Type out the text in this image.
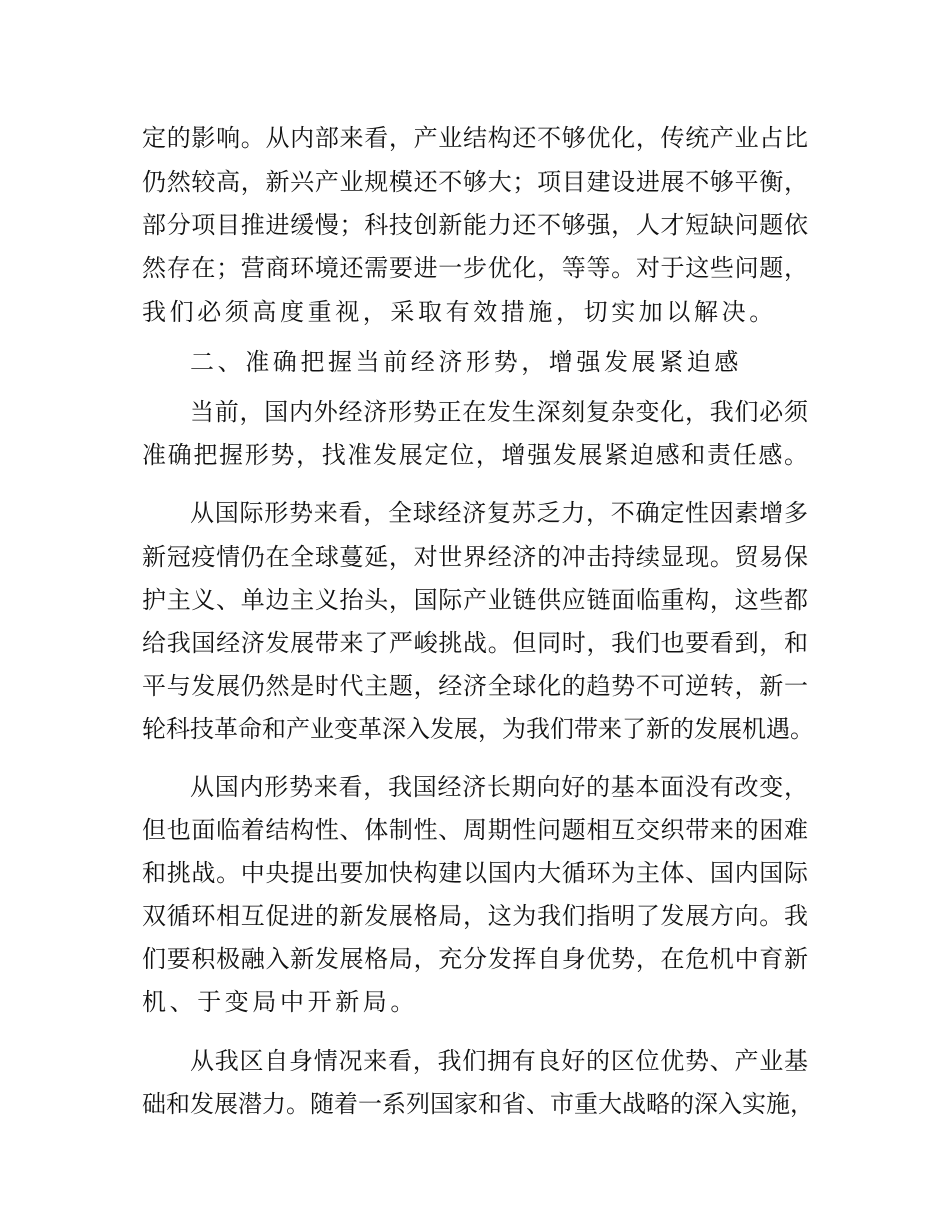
定的影响。从内部来看，产业结构还不够优化，传统产业占比
仍然较高，新兴产业规模还不够大；项目建设进展不够平衡，
部分项目推进缓慢；科技创新能力还不够强，人才短缺问题依
然存在；营商环境还需要进一步优化，等等。对于这些问题，
我们必须高度重视，采取有效措施，切实加以解决。
二、准确把握当前经济形势，增强发展紧迫感
当前，国内外经济形势正在发生深刻复杂变化，我们必须
准确把握形势，找准发展定位，增强发展紧迫感和责任感。
从国际形势来看，全球经济复苏乏力，不确定性因素增多
新冠疫情仍在全球蔓延，对世界经济的冲击持续显现。贸易保
护主义、单边主义抬头，国际产业链供应链面临重构，这些都
给我国经济发展带来了严峻挑战。但同时，我们也要看到，和
平与发展仍然是时代主题，经济全球化的趋势不可逆转，新一
轮科技革命和产业变革深入发展，为我们带来了新的发展机遇。
从国内形势来看，我国经济长期向好的基本面没有改变，
但也面临着结构性、体制性、周期性问题相互交织带来的困难
和挑战。中央提出要加快构建以国内大循环为主体、国内国际
双循环相互促进的新发展格局，这为我们指明了发展方向。我
们要积极融入新发展格局，充分发挥自身优势，在危机中育新
机、于变局中开新局。
从我区自身情况来看，我们拥有良好的区位优势、产业基
础和发展潜力。随着一系列国家和省、市重大战略的深入实施，
